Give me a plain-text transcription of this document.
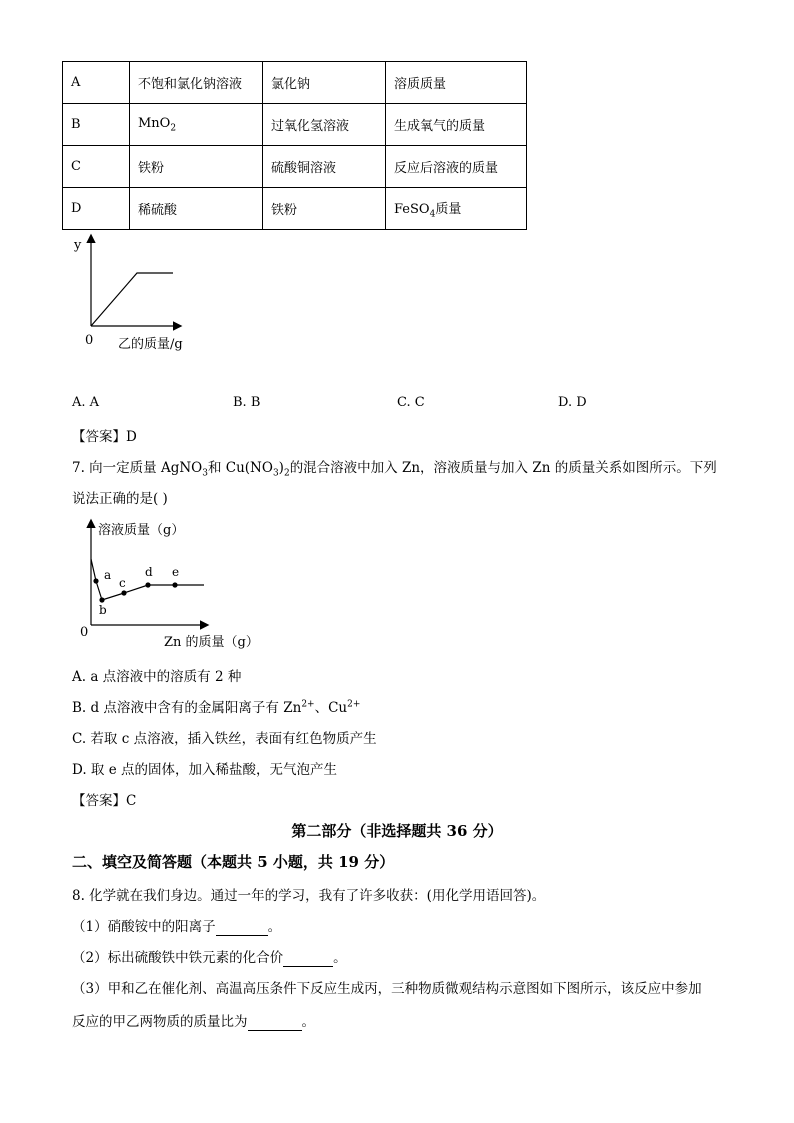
A	不饱和氯化钠溶液	氯化钠	溶质质量
B	MnO$_2$	过氧化氢溶液	生成氧气的质量
C	铁粉	硫酸铜溶液	反应后溶液的质量
D	稀硫酸	铁粉	FeSO$_4$质量
y
0 乙的质量/g
A. A	B. B	C. C	D. D
【答案】D
7. 向一定质量 AgNO$_3$和 $Cu(NO_3)_2$的混合溶液中加入 Zn，溶液质量与加入 Zn 的质量关系如图所示。下列
说法正确的是( )
a
b
c
d e
溶液质量（g）
0
Zn 的质量（g）
A. a 点溶液中的溶质有 2 种
B. d 点溶液中含有的金属阳离子有 $Zn^{2+}$、$Cu^{2+}$
C. 若取 c 点溶液，插入铁丝，表面有红色物质产生
D. 取 e 点的固体，加入稀盐酸，无气泡产生
【答案】C
第二部分（非选择题共 36 分）
二、填空及简答题（本题共 5 小题，共 19 分）
8. 化学就在我们身边。通过一年的学习，我有了许多收获：(用化学用语回答)。
（1）硝酸铵中的阳离子	。
（2）标出硫酸铁中铁元素的化合价	。
（3）甲和乙在催化剂、高温高压条件下反应生成丙，三种物质微观结构示意图如下图所示，该反应中参加
反应的甲乙两物质的质量比为	。
